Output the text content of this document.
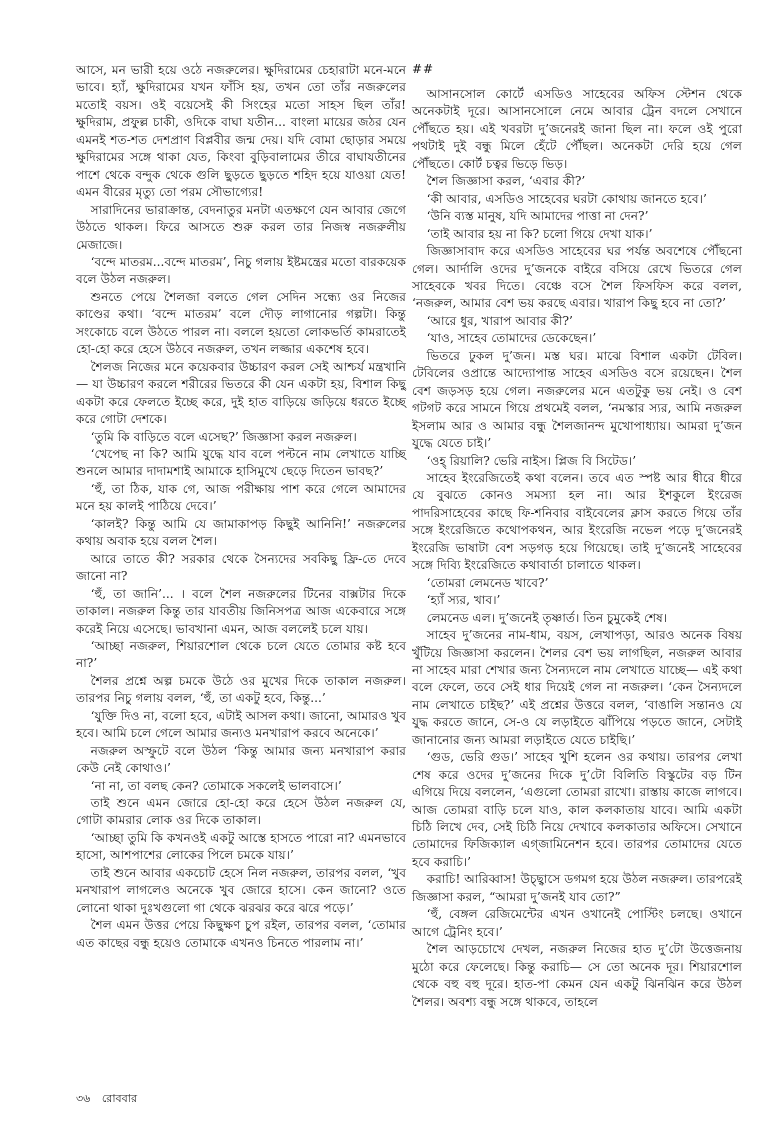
আসে, মন ভারী হয়ে ওঠে নজরুলের। ক্ষুদিরামের চেহারাটা মনে-মনে ভাবে। হ্যাঁ, ক্ষুদিরামের যখন ফাঁসি হয়, তখন তো তাঁর নজরুলের মতোই বয়স। ওই বয়েসেই কী সিংহের মতো সাহস ছিল তাঁর! ক্ষুদিরাম, প্রফুল্ল চাকী, ওদিকে বাঘা যতীন... বাংলা মায়ের জঠর যেন এমনই শত-শত দেশপ্রাণ বিপ্লবীর জন্ম দেয়। যদি বোমা ছোড়ার সময়ে ক্ষুদিরামের সঙ্গে থাকা যেত, কিংবা বুড়িবালামের তীরে বাঘাযতীনের পাশে থেকে বন্দুক থেকে গুলি ছুড়তে ছুড়তে শহিদ হয়ে যাওয়া যেত! এমন বীরের মৃত্যু তো পরম সৌভাগ্যের!

সারাদিনের ভারাক্রান্ত, বেদনাতুর মনটা এতক্ষণে যেন আবার জেগে উঠতে থাকল। ফিরে আসতে শুরু করল তার নিজস্ব নজরুলীয় মেজাজে।

‘বন্দে মাতরম...বন্দে মাতরম’, নিচু গলায় ইষ্টমন্ত্রের মতো বারকয়েক বলে উঠল নজরুল।

শুনতে পেয়ে শৈলজা বলতে গেল সেদিন সন্ধ্যে ওর নিজের কাণ্ডের কথা। ‘বন্দে মাতরম’ বলে দৌড় লাগানোর গল্পটা। কিন্তু সংকোচে বলে উঠতে পারল না। বললে হয়তো লোকভর্তি কামরাতেই হো-হো করে হেসে উঠবে নজরুল, তখন লজ্জার একশেষ হবে।

শৈলজ নিজের মনে কয়েকবার উচ্চারণ করল সেই আশ্চর্য মন্ত্রখানি— যা উচ্চারণ করলে শরীরের ভিতরে কী যেন একটা হয়, বিশাল কিছু একটা করে ফেলতে ইচ্ছে করে, দুই হাত বাড়িয়ে জড়িয়ে ধরতে ইচ্ছে করে গোটা দেশকে।

‘তুমি কি বাড়িতে বলে এসেছ?’ জিজ্ঞাসা করল নজরুল।

‘খেপেছ না কি? আমি যুদ্ধে যাব বলে পল্টনে নাম লেখাতে যাচ্ছি শুনলে আমার দাদামশাই আমাকে হাসিমুখে ছেড়ে দিতেন ভাবছ?’

‘হুঁ, তা ঠিক, যাক গে, আজ পরীক্ষায় পাশ করে গেলে আমাদের মনে হয় কালই পাঠিয়ে দেবে।’

‘কালই? কিন্তু আমি যে জামাকাপড় কিছুই আনিনি!’ নজরুলের কথায় অবাক হয়ে বলল শৈল।

আরে তাতে কী? সরকার থেকে সৈন্যদের সবকিছু ফ্রি-তে দেবে জানো না?

‘হুঁ, তা জানি’... । বলে শৈল নজরুলের টিনের বাক্সটার দিকে তাকাল। নজরুল কিন্তু তার যাবতীয় জিনিসপত্র আজ একেবারে সঙ্গে করেই নিয়ে এসেছে। ভাবখানা এমন, আজ বললেই চলে যায়।

‘আচ্ছা নজরুল, শিয়ারশোল থেকে চলে যেতে তোমার কষ্ট হবে না?’

শৈলর প্রশ্নে অল্প চমকে উঠে ওর মুখের দিকে তাকাল নজরুল। তারপর নিচু গলায় বলল, ‘হুঁ, তা একটু হবে, কিন্তু...’

‘যুক্তি দিও না, বলো হবে, এটাই আসল কথা। জানো, আমারও খুব হবে। আমি চলে গেলে আমার জন্যও মনখারাপ করবে অনেকে।’

নজরুল অস্ফুটে বলে উঠল ‘কিন্তু আমার জন্য মনখারাপ করার কেউ নেই কোথাও।’

‘না না, তা বলছ কেন? তোমাকে সকলেই ভালবাসে।’

তাই শুনে এমন জোরে হো-হো করে হেসে উঠল নজরুল যে, গোটা কামরার লোক ওর দিকে তাকাল।

‘আচ্ছা তুমি কি কখনওই একটু আস্তে হাসতে পারো না? এমনভাবে হাসো, আশপাশের লোকের পিলে চমকে যায়।’

তাই শুনে আবার একচোট হেসে নিল নজরুল, তারপর বলল, ‘খুব মনখারাপ লাগলেও অনেকে খুব জোরে হাসে। কেন জানো? ওতে লোনো থাকা দুঃখগুলো গা থেকে ঝরঝর করে ঝরে পড়ে।’

শৈল এমন উত্তর পেয়ে কিছুক্ষণ চুপ রইল, তারপর বলল, ‘তোমার এত কাছের বন্ধু হয়েও তোমাকে এখনও চিনতে পারলাম না।’

##

আসানসোল কোর্টে এসডিও সাহেবের অফিস স্টেশন থেকে অনেকটাই দূরে। আসানসোলে নেমে আবার ট্রেন বদলে সেখানে পৌঁছতে হয়। এই খবরটা দু’জনেরই জানা ছিল না। ফলে ওই পুরো পথটাই দুই বন্ধু মিলে হেঁটে পৌঁছল। অনেকটা দেরি হয়ে গেল পৌঁছতে। কোর্ট চত্বর ভিড়ে ভিড়।

শৈল জিজ্ঞাসা করল, ‘এবার কী?’

‘কী আবার, এসডিও সাহেবের ঘরটা কোথায় জানতে হবে।’

‘উনি ব্যস্ত মানুষ, যদি আমাদের পাত্তা না দেন?’

‘তাই আবার হয় না কি? চলো গিয়ে দেখা যাক।’

জিজ্ঞাসাবাদ করে এসডিও সাহেবের ঘর পর্যন্ত অবশেষে পৌঁছনো গেল। আর্দালি ওদের দু’জনকে বাইরে বসিয়ে রেখে ভিতরে গেল সাহেবকে খবর দিতে। বেঞ্চে বসে শৈল ফিসফিস করে বলল, ‘নজরুল, আমার বেশ ভয় করছে এবার। খারাপ কিছু হবে না তো?’

‘আরে ধুর, খারাপ আবার কী?’

‘যাও, সাহেব তোমাদের ডেকেছেন।’

ভিতরে ঢুকল দু’জন। মস্ত ঘর। মাঝে বিশাল একটা টেবিল। টেবিলের ওপ্রান্তে আদ্যোপান্ত সাহেব এসডিও বসে রয়েছেন। শৈল বেশ জড়সড় হয়ে গেল। নজরুলের মনে এতটুকু ভয় নেই। ও বেশ গটগট করে সামনে গিয়ে প্রথমেই বলল, ‘নমস্কার স্যর, আমি নজরুল ইসলাম আর ও আমার বন্ধু শৈলজানন্দ মুখোপাধ্যায়। আমরা দু’জন যুদ্ধে যেতে চাই।’

‘ওহ্ রিয়ালি? ভেরি নাইস। প্লিজ বি সিটেড।’

সাহেব ইংরেজিতেই কথা বলেন। তবে এত স্পষ্ট আর ধীরে ধীরে যে বুঝতে কোনও সমস্যা হল না। আর ইশকুলে ইংরেজ পাদরিসাহেবের কাছে ফি-শনিবার বাইবেলের ক্লাস করতে গিয়ে তাঁর সঙ্গে ইংরেজিতে কথোপকথন, আর ইংরেজি নভেল পড়ে দু’জনেরই ইংরেজি ভাষাটা বেশ সড়গড় হয়ে গিয়েছে। তাই দু’জনেই সাহেবের সঙ্গে দিব্যি ইংরেজিতে কথাবার্তা চালাতে থাকল।

‘তোমরা লেমনেড খাবে?’

‘হ্যাঁ স্যর, খাব।’

লেমনেড এল। দু’জনেই তৃষ্ণার্ত। তিন চুমুকেই শেষ।

সাহেব দু’জনের নাম-ধাম, বয়স, লেখাপড়া, আরও অনেক বিষয় খুঁটিয়ে জিজ্ঞাসা করলেন। শৈলর বেশ ভয় লাগছিল, নজরুল আবার না সাহেব মারা শেখার জন্য সৈন্যদলে নাম লেখাতে যাচ্ছে— এই কথা বলে ফেলে, তবে সেই ধার দিয়েই গেল না নজরুল। ‘কেন সৈন্যদলে নাম লেখাতে চাইছ?’ এই প্রশ্নের উত্তরে বলল, ‘বাঙালি সন্তানও যে যুদ্ধ করতে জানে, সে-ও যে লড়াইতে ঝাঁপিয়ে পড়তে জানে, সেটাই জানানোর জন্য আমরা লড়াইতে যেতে চাইছি।’

‘গুড, ভেরি গুড।’ সাহেব খুশি হলেন ওর কথায়। তারপর লেখা শেষ করে ওদের দু’জনের দিকে দু’টো বিলিতি বিস্কুটের বড় টিন এগিয়ে দিয়ে বললেন, ‘এগুলো তোমরা রাখো। রাস্তায় কাজে লাগবে। আজ তোমরা বাড়ি চলে যাও, কাল কলকাতায় যাবে। আমি একটা চিঠি লিখে দেব, সেই চিঠি নিয়ে দেখাবে কলকাতার অফিসে। সেখানে তোমাদের ফিজিক্যাল এগ্জামিনেশন হবে। তারপর তোমাদের যেতে হবে করাচি।’

করাচি! আরিব্বাস! উচ্ছ্বাসে ডগমগ হয়ে উঠল নজরুল। তারপরেই জিজ্ঞাসা করল, “আমরা দু’জনই যাব তো?”

‘হুঁ, বেঙ্গল রেজিমেন্টের এখন ওখানেই পোস্টিং চলছে। ওখানে আগে ট্রেনিং হবে।’

শৈল আড়চোখে দেখল, নজরুল নিজের হাত দু’টো উত্তেজনায় মুঠো করে ফেলেছে। কিন্তু করাচি— সে তো অনেক দূর। শিয়ারশোল থেকে বহু বহু দূরে। হাত-পা কেমন যেন একটু ঝিনঝিন করে উঠল শৈলর। অবশ্য বন্ধু সঙ্গে থাকবে, তাহলে

৩৬ রোববার
